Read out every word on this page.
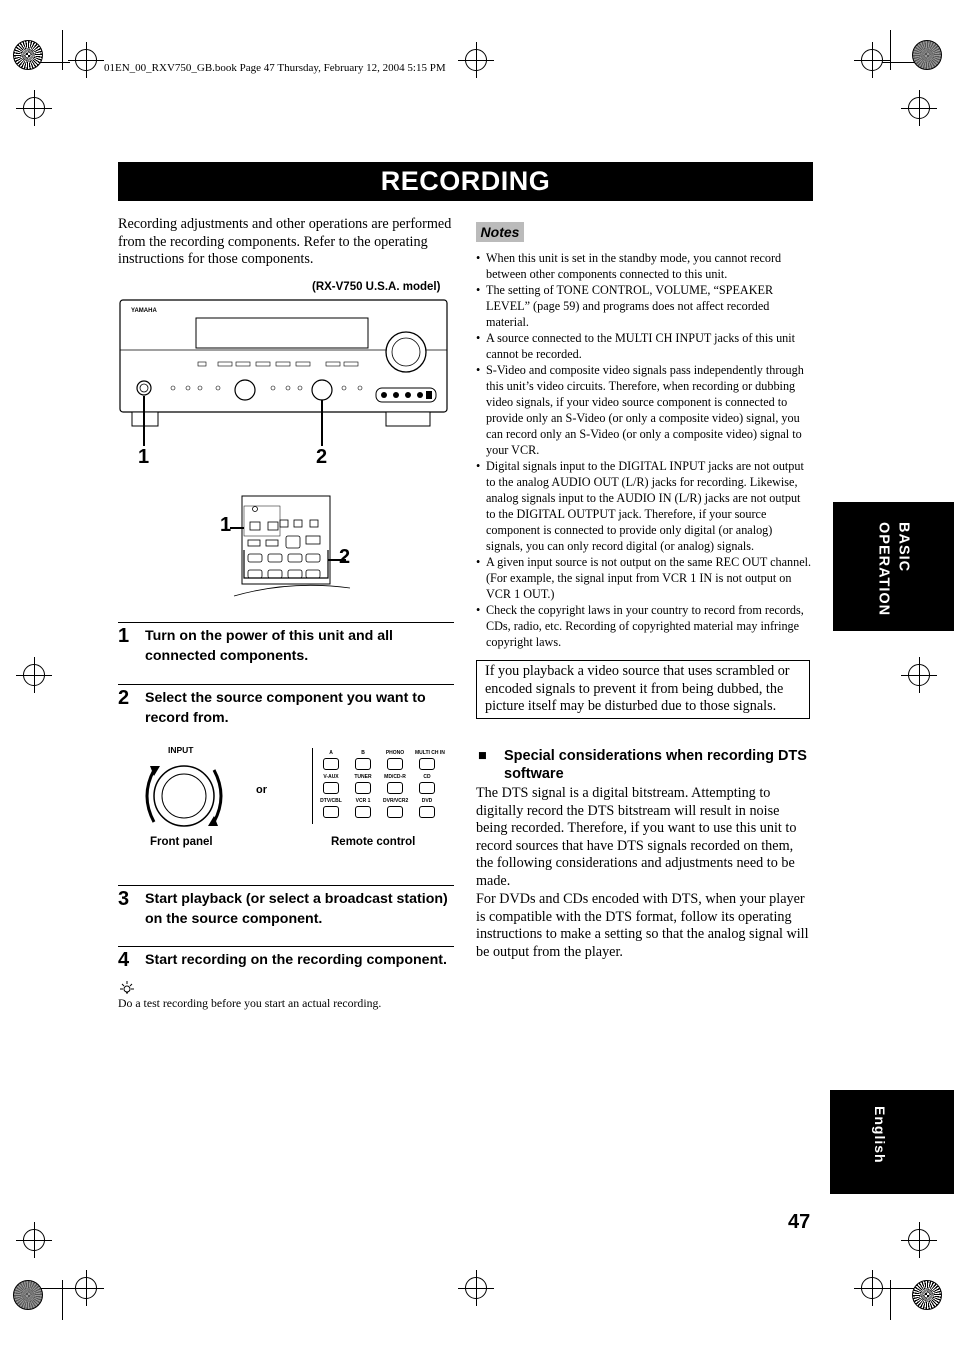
01EN_00_RXV750_GB.book Page 47 Thursday, February 12, 2004 5:15 PM
RECORDING
Recording adjustments and other operations are performed from the recording components. Refer to the operating instructions for those components.
(RX-V750 U.S.A. model)
YAMAHA
1	2
1
2
1 Turn on the power of this unit and all connected components.
2 Select the source component you want to record from.
INPUT
or
A	B	PHONO	MULTI CH IN
V-AUX	TUNER	MD/CD-R	CD
DTV/CBL	VCR 1	DVR/VCR2	DVD
Front panel	Remote control
3 Start playback (or select a broadcast station) on the source component.
4 Start recording on the recording component.
Do a test recording before you start an actual recording.
Notes
• When this unit is set in the standby mode, you cannot record between other components connected to this unit.
• The setting of TONE CONTROL, VOLUME, “SPEAKER LEVEL” (page 59) and programs does not affect recorded material.
• A source connected to the MULTI CH INPUT jacks of this unit cannot be recorded.
• S-Video and composite video signals pass independently through this unit’s video circuits. Therefore, when recording or dubbing video signals, if your video source component is connected to provide only an S-Video (or only a composite video) signal, you can record only an S-Video (or only a composite video) signal to your VCR.
• Digital signals input to the DIGITAL INPUT jacks are not output to the analog AUDIO OUT (L/R) jacks for recording. Likewise, analog signals input to the AUDIO IN (L/R) jacks are not output to the DIGITAL OUTPUT jack. Therefore, if your source component is connected to provide only digital (or analog) signals, you can only record digital (or analog) signals.
• A given input source is not output on the same REC OUT channel. (For example, the signal input from VCR 1 IN is not output on VCR 1 OUT.)
• Check the copyright laws in your country to record from records, CDs, radio, etc. Recording of copyrighted material may infringe copyright laws.
If you playback a video source that uses scrambled or encoded signals to prevent it from being dubbed, the picture itself may be disturbed due to those signals.
■	Special considerations when recording DTS software
The DTS signal is a digital bitstream. Attempting to digitally record the DTS bitstream will result in noise being recorded. Therefore, if you want to use this unit to record sources that have DTS signals recorded on them, the following considerations and adjustments need to be made.
For DVDs and CDs encoded with DTS, when your player is compatible with the DTS format, follow its operating instructions to make a setting so that the analog signal will be output from the player.
BASIC OPERATION
English
47
